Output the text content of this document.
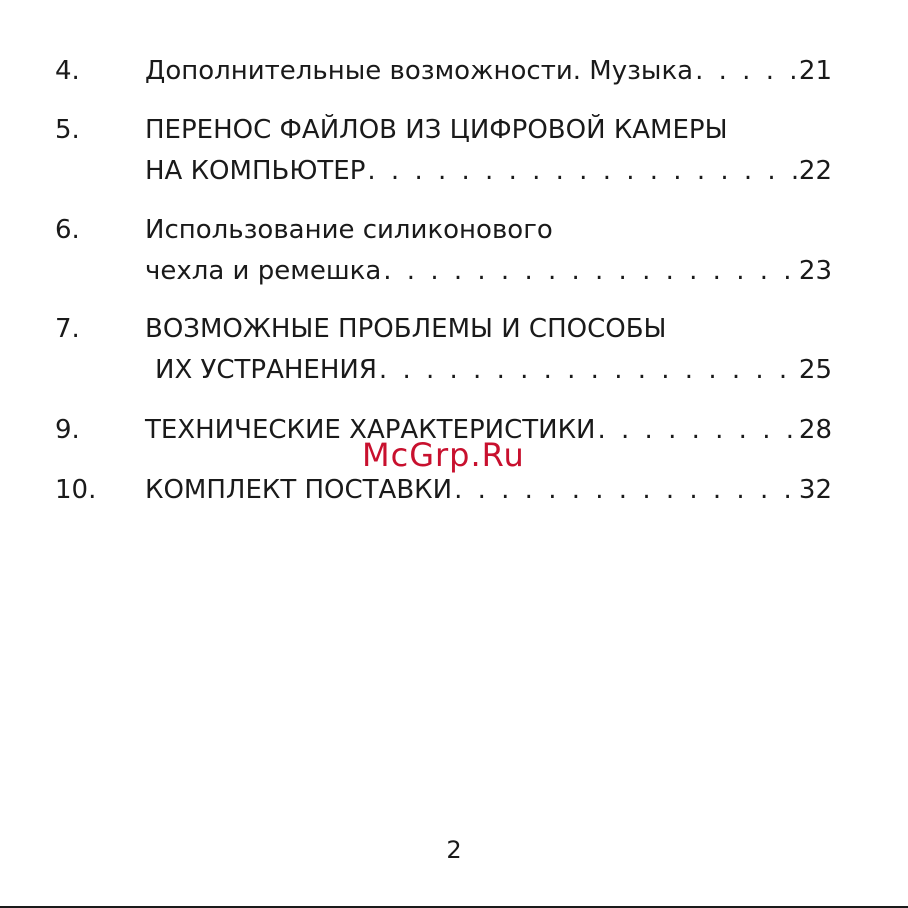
4.	Дополнительные возможности. Музыка . . .	21
5.	ПЕРЕНОС ФАЙЛОВ ИЗ ЦИФРОВОЙ КАМЕРЫ
НА КОМПЬЮТЕР . . .	22
6.	Использование силиконового
чехла и ремешка . . .	23
7.	ВОЗМОЖНЫЕ ПРОБЛЕМЫ И СПОСОБЫ
ИХ УСТРАНЕНИЯ . . .	25
9.	ТЕХНИЧЕСКИЕ ХАРАКТЕРИСТИКИ . . .	28
10. КОМПЛЕКТ ПОСТАВКИ . . .	32
McGrp.Ru
2
